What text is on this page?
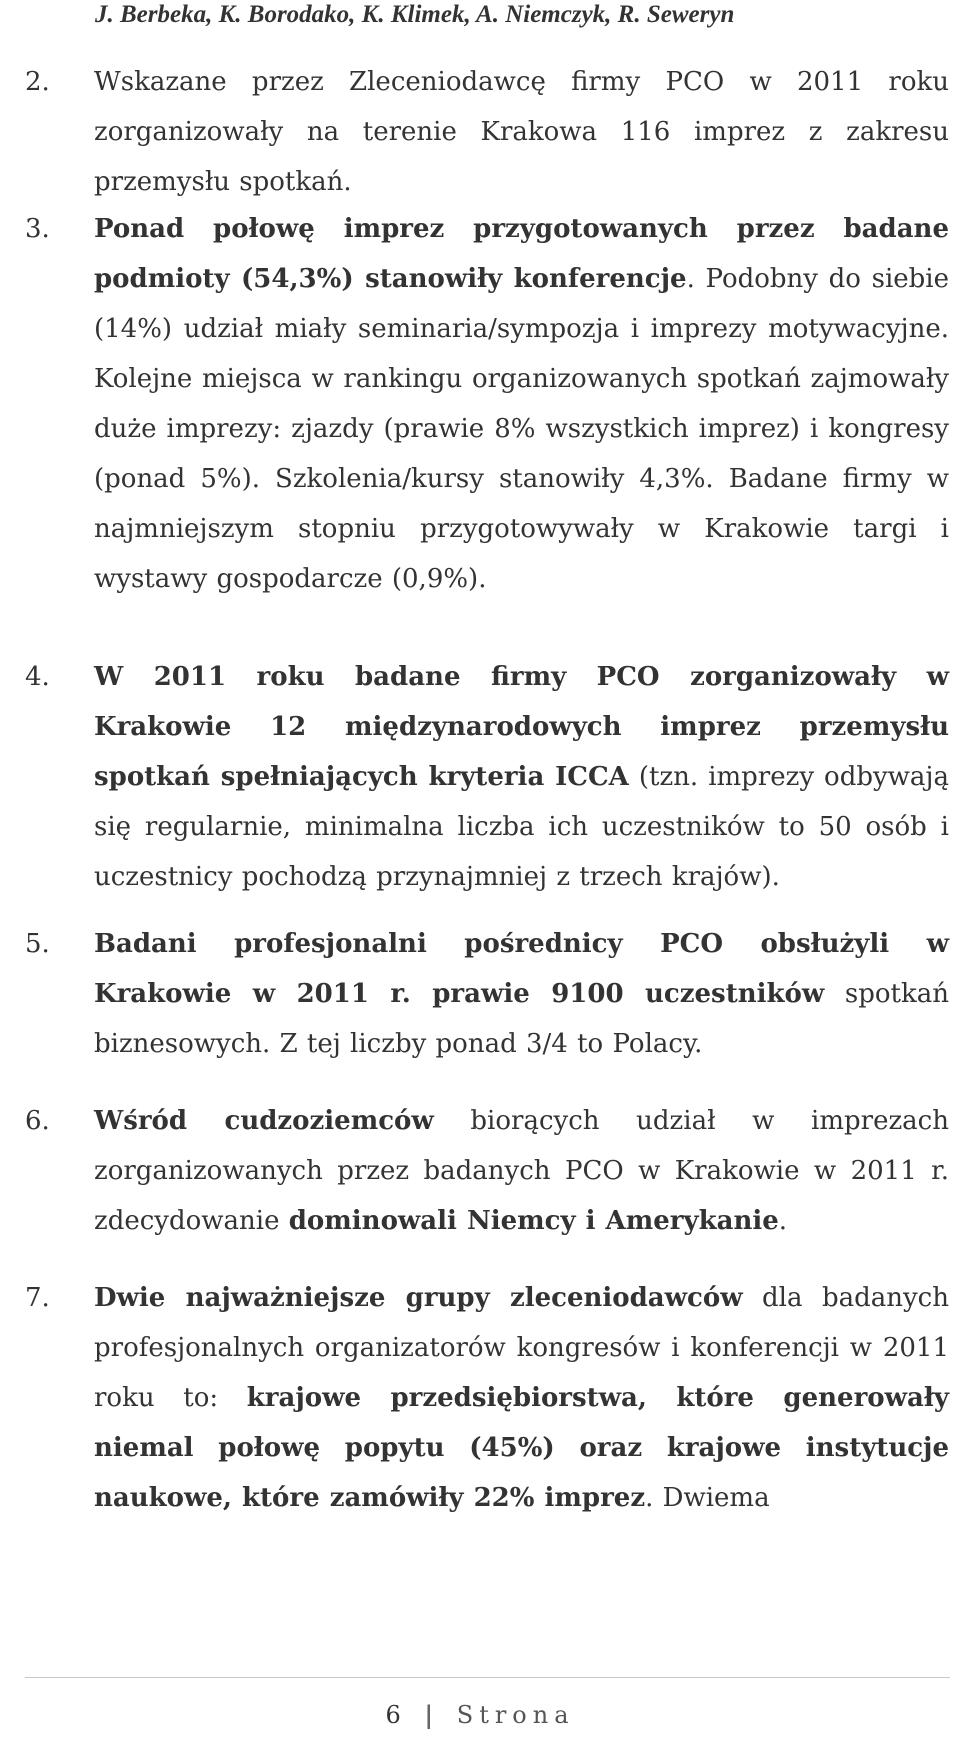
J. Berbeka, K. Borodako, K. Klimek, A. Niemczyk, R. Seweryn
2. Wskazane przez Zleceniodawcę firmy PCO w 2011 roku zorganizowały na terenie Krakowa 116 imprez z zakresu przemysłu spotkań.
3. Ponad połowę imprez przygotowanych przez badane podmioty (54,3%) stanowiły konferencje. Podobny do siebie (14%) udział miały seminaria/sympozja i imprezy motywacyjne. Kolejne miejsca w rankingu organizowanych spotkań zajmowały duże imprezy: zjazdy (prawie 8% wszystkich imprez) i kongresy (ponad 5%). Szkolenia/kursy stanowiły 4,3%. Badane firmy w najmniejszym stopniu przygotowywały w Krakowie targi i wystawy gospodarcze (0,9%).
4. W 2011 roku badane firmy PCO zorganizowały w Krakowie 12 międzynarodowych imprez przemysłu spotkań spełniających kryteria ICCA (tzn. imprezy odbywają się regularnie, minimalna liczba ich uczestników to 50 osób i uczestnicy pochodzą przynajmniej z trzech krajów).
5. Badani profesjonalni pośrednicy PCO obsłużyli w Krakowie w 2011 r. prawie 9100 uczestników spotkań biznesowych. Z tej liczby ponad 3/4 to Polacy.
6. Wśród cudzoziemców biorących udział w imprezach zorganizowanych przez badanych PCO w Krakowie w 2011 r. zdecydowanie dominowali Niemcy i Amerykanie.
7. Dwie najważniejsze grupy zleceniodawców dla badanych profesjonalnych organizatorów kongresów i konferencji w 2011 roku to: krajowe przedsiębiorstwa, które generowały niemal połowę popytu (45%) oraz krajowe instytucje naukowe, które zamówiły 22% imprez. Dwiema
6 | Strona
